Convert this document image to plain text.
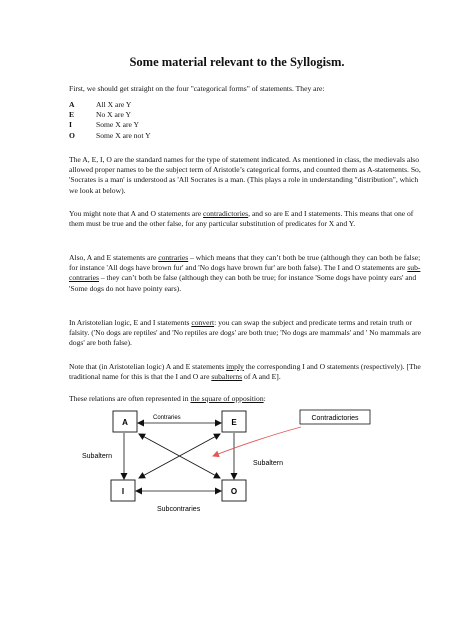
Some material relevant to the Syllogism.

First, we should get straight on the four "categorical forms" of statements. They are:

A	All X are Y
E	No X are Y
I	Some X are Y
O	Some X are not Y

The A, E, I, O are the standard names for the type of statement indicated. As mentioned in class, the medievals also allowed proper names to be the subject term of Aristotle’s categorical forms, and counted them as A-statements. So, 'Socrates is a man' is understood as 'All Socrates is a man. (This plays a role in understanding "distribution", which we look at below).

You might note that A and O statements are contradictories, and so are E and I statements. This means that one of them must be true and the other false, for any particular substitution of predicates for X and Y.

Also, A and E statements are contraries – which means that they can’t both be true (although they can both be false; for instance 'All dogs have brown fur' and 'No dogs have brown fur' are both false). The I and O statements are sub-contraries – they can’t both be false (although they can both be true; for instance 'Some dogs have pointy ears' and 'Some dogs do not have pointy ears).

In Aristotelian logic, E and I statements convert: you can swap the subject and predicate terms and retain truth or falsity. ('No dogs are reptiles' and 'No reptiles are dogs' are both true; 'No dogs are mammals' and ' No mammals are dogs' are both false).

Note that (in Aristotelian logic) A and E statements imply the corresponding I and O statements (respectively). [The traditional name for this is that the I and O are subalterns of A and E].

These relations are often represented in the square of opposition:

A	E
I	O
Contraries
Subcontraries
Subaltern
Subaltern
Contradictories
